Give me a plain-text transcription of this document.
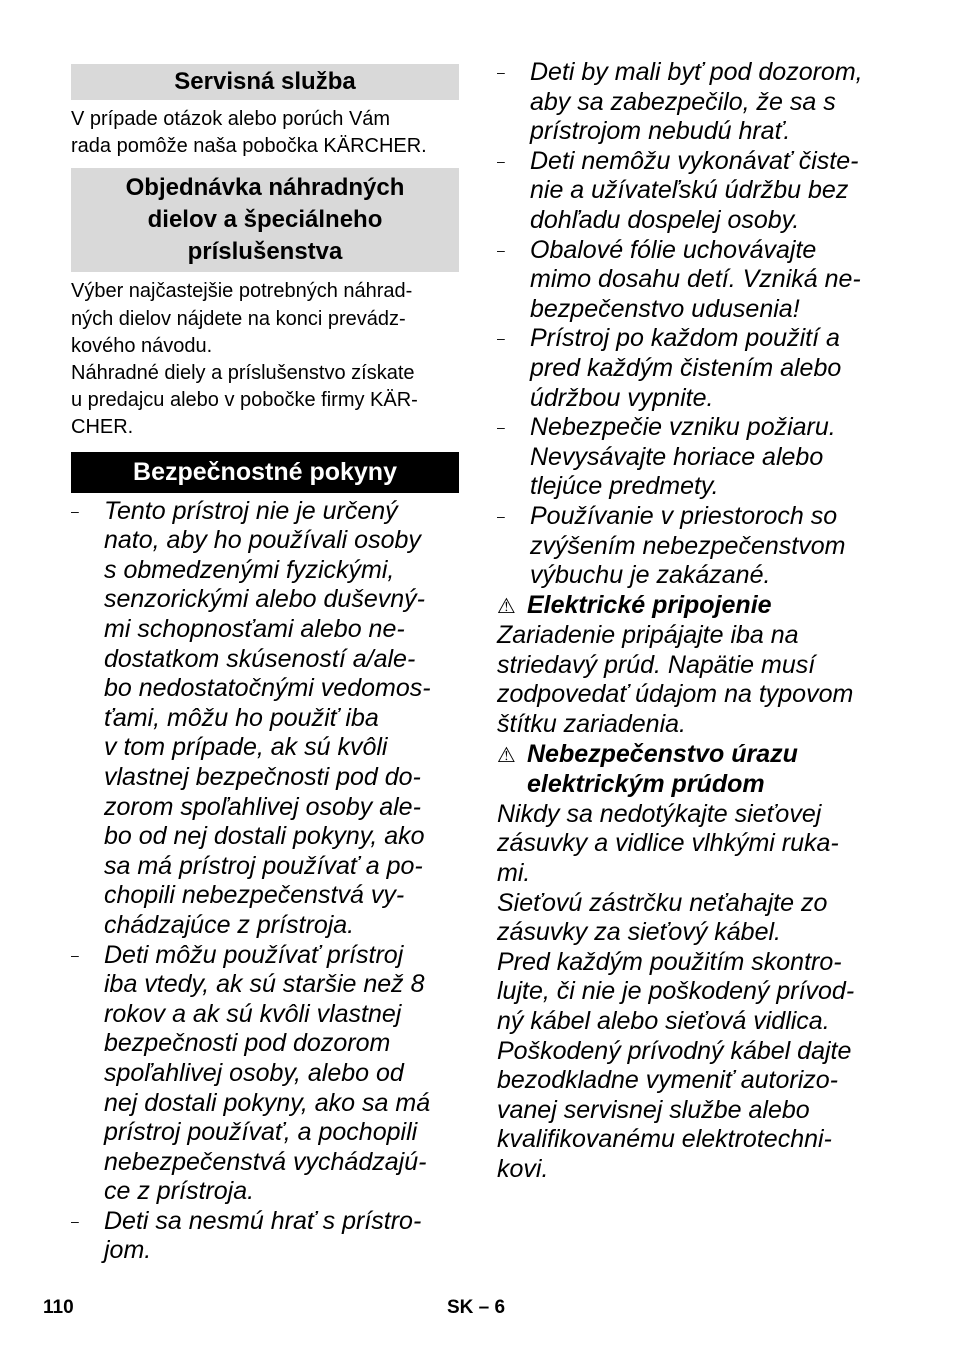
Servisná služba

V prípade otázok alebo porúch Vám

rada pomôže naša pobočka KÄRCHER.

Objednávka náhradných
dielov a špeciálneho
príslušenstva

Výber najčastejšie potrebných náhrad-

ných dielov nájdete na konci prevádz-

kového návodu.

Náhradné diely a príslušenstvo získate

u predajcu alebo v pobočke firmy KÄR-

CHER.

Bezpečnostné pokyny
– Tento prístroj nie je určený
nato, aby ho používali osoby
s obmedzenými fyzickými,
senzorickými alebo duševný-
mi schopnosťami alebo ne-
dostatkom skúseností a/ale-
bo nedostatočnými vedomos-
ťami, môžu ho použiť iba
v tom prípade, ak sú kvôli
vlastnej bezpečnosti pod do-
zorom spoľahlivej osoby ale-
bo od nej dostali pokyny, ako
sa má prístroj používať a po-
chopili nebezpečenstvá vy-
chádzajúce z prístroja.
– Deti môžu používať prístroj
iba vtedy, ak sú staršie než 8
rokov a ak sú kvôli vlastnej
bezpečnosti pod dozorom
spoľahlivej osoby, alebo od
nej dostali pokyny, ako sa má
prístroj používať, a pochopili
nebezpečenstvá vychádzajú-
ce z prístroja.
– Deti sa nesmú hrať s prístro-
jom.
– Deti by mali byť pod dozorom,
aby sa zabezpečilo, že sa s
prístrojom nebudú hrať.
– Deti nemôžu vykonávať čiste-
nie a užívateľskú údržbu bez
dohľadu dospelej osoby.
– Obalové fólie uchovávajte
mimo dosahu detí. Vzniká ne-
bezpečenstvo udusenia!
– Prístroj po každom použití a
pred každým čistením alebo
údržbou vypnite.
– Nebezpečie vzniku požiaru.
Nevysávajte horiace alebo
tlejúce predmety.
– Používanie v priestoroch so
zvýšením nebezpečenstvom
výbuchu je zakázané.
⚠ Elektrické pripojenie
Zariadenie pripájajte iba na
striedavý prúd. Napätie musí
zodpovedať údajom na typovom
štítku zariadenia.
⚠ Nebezpečenstvo úrazu
elektrickým prúdom
Nikdy sa nedotýkajte sieťovej
zásuvky a vidlice vlhkými ruka-
mi.
Sieťovú zástrčku neťahajte zo
zásuvky za sieťový kábel.
Pred každým použitím skontro-
lujte, či nie je poškodený prívod-
ný kábel alebo sieťová vidlica.
Poškodený prívodný kábel dajte
bezodkladne vymeniť autorizo-
vanej servisnej službe alebo
kvalifikovanému elektrotechni-
kovi.
110	SK – 6
